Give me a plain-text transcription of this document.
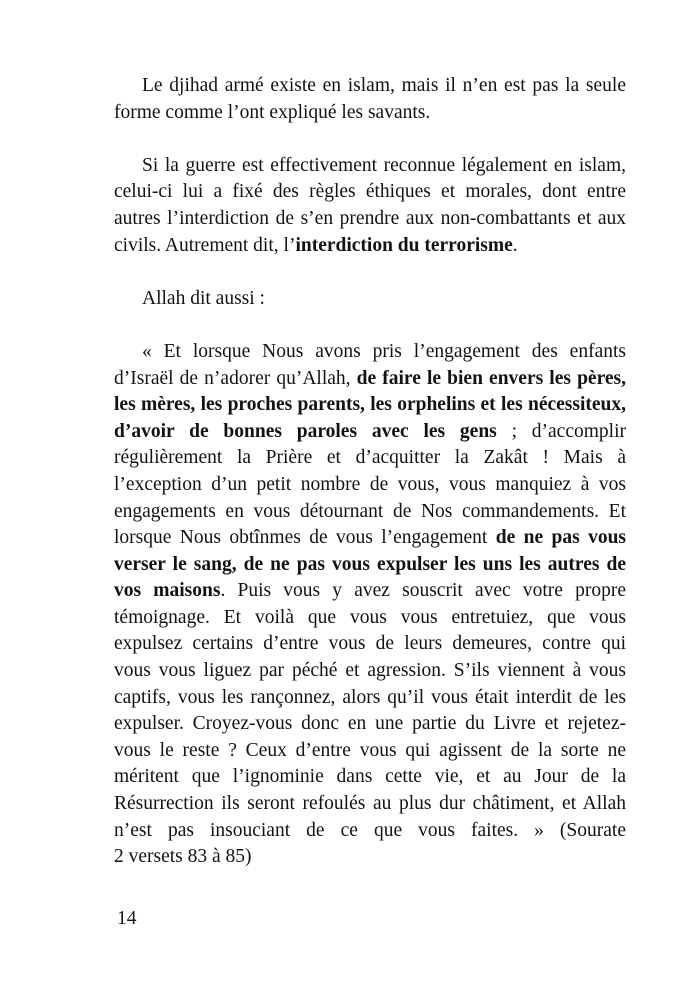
Le djihad armé existe en islam, mais il n’en est pas la seule
forme comme l’ont expliqué les savants.
Si la guerre est effectivement reconnue légalement en islam,
celui-ci lui a fixé des règles éthiques et morales, dont entre
autres l’interdiction de s’en prendre aux non-combattants et aux
civils. Autrement dit, l’interdiction du terrorisme.
Allah dit aussi :
« Et lorsque Nous avons pris l’engagement des enfants
d’Israël de n’adorer qu’Allah, de faire le bien envers les pères,
les mères, les proches parents, les orphelins et les nécessiteux,
d’avoir de bonnes paroles avec les gens ; d’accomplir
régulièrement la Prière et d’acquitter la Zakât ! Mais à
l’exception d’un petit nombre de vous, vous manquiez à vos
engagements en vous détournant de Nos commandements. Et
lorsque Nous obtînmes de vous l’engagement de ne pas vous
verser le sang, de ne pas vous expulser les uns les autres de
vos maisons. Puis vous y avez souscrit avec votre propre
témoignage. Et voilà que vous vous entretuiez, que vous
expulsez certains d’entre vous de leurs demeures, contre qui
vous vous liguez par péché et agression. S’ils viennent à vous
captifs, vous les rançonnez, alors qu’il vous était interdit de les
expulser. Croyez-vous donc en une partie du Livre et rejetez-
vous le reste ? Ceux d’entre vous qui agissent de la sorte ne
méritent que l’ignominie dans cette vie, et au Jour de la
Résurrection ils seront refoulés au plus dur châtiment, et Allah
n’est pas insouciant de ce que vous faites. » (Sourate
2 versets 83 à 85)
14
